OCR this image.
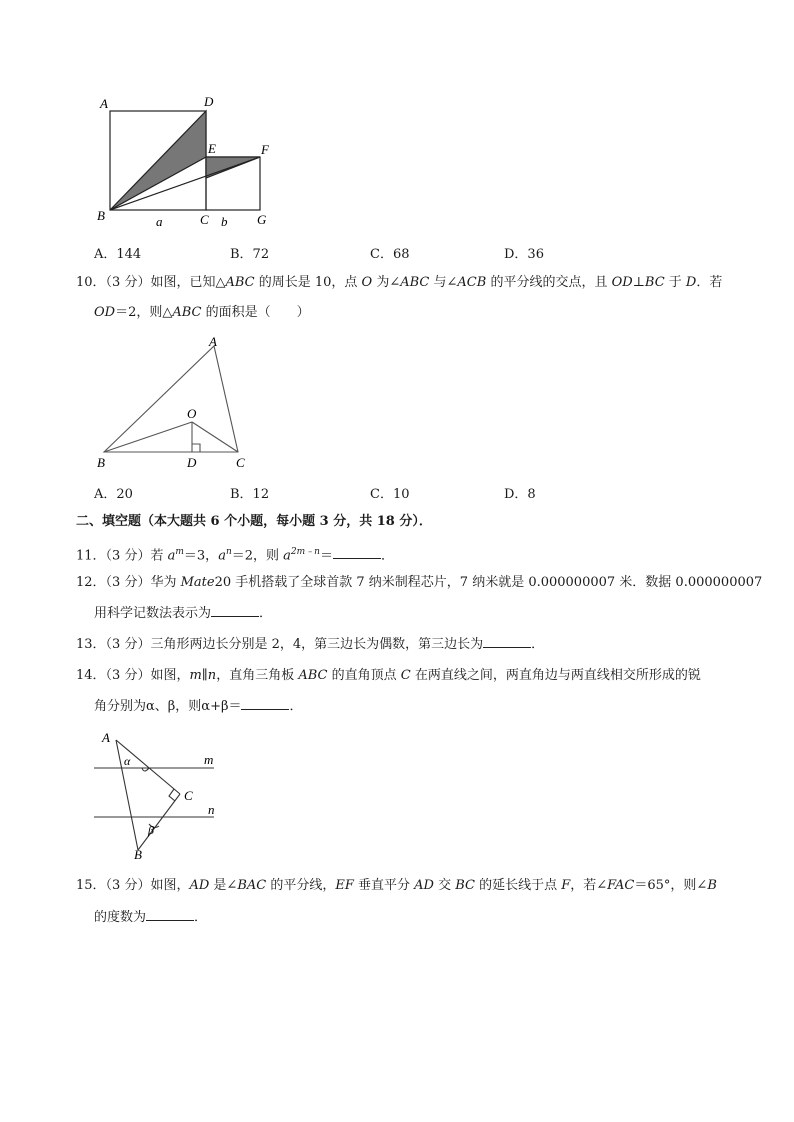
A	D
E	F
B	a	C b G
A．144	B．72	C．68	D．36
10．（3 分）如图，已知△ABC 的周长是 10，点 O 为∠ABC 与∠ACB 的平分线的交点，且 OD⊥BC 于 D．若
OD＝2，则△ABC 的面积是（　　）
A
O
B	D	C
A．20	B．12	C．10	D．8
二、填空题（本大题共 6 个小题，每小题 3 分，共 18 分）．
11．（3 分）若 $a^m=3$，$a^n=2$，则 $a^{2m﹣n}=$	．
12．（3 分）华为 Mate20 手机搭载了全球首款 7 纳米制程芯片，7 纳米就是 0.000000007 米．数据 0.000000007
用科学记数法表示为	．
13．（3 分）三角形两边长分别是 2，4，第三边长为偶数，第三边长为	．
14．（3 分）如图，m∥n，直角三角板 ABC 的直角顶点 C 在两直线之间，两直角边与两直线相交所形成的锐
角分别为α、β，则α+β＝	．
A
α	m
C
n
β
B
15．（3 分）如图，AD 是∠BAC 的平分线，EF 垂直平分 AD 交 BC 的延长线于点 F，若∠FAC＝65°，则∠B
的度数为	．
